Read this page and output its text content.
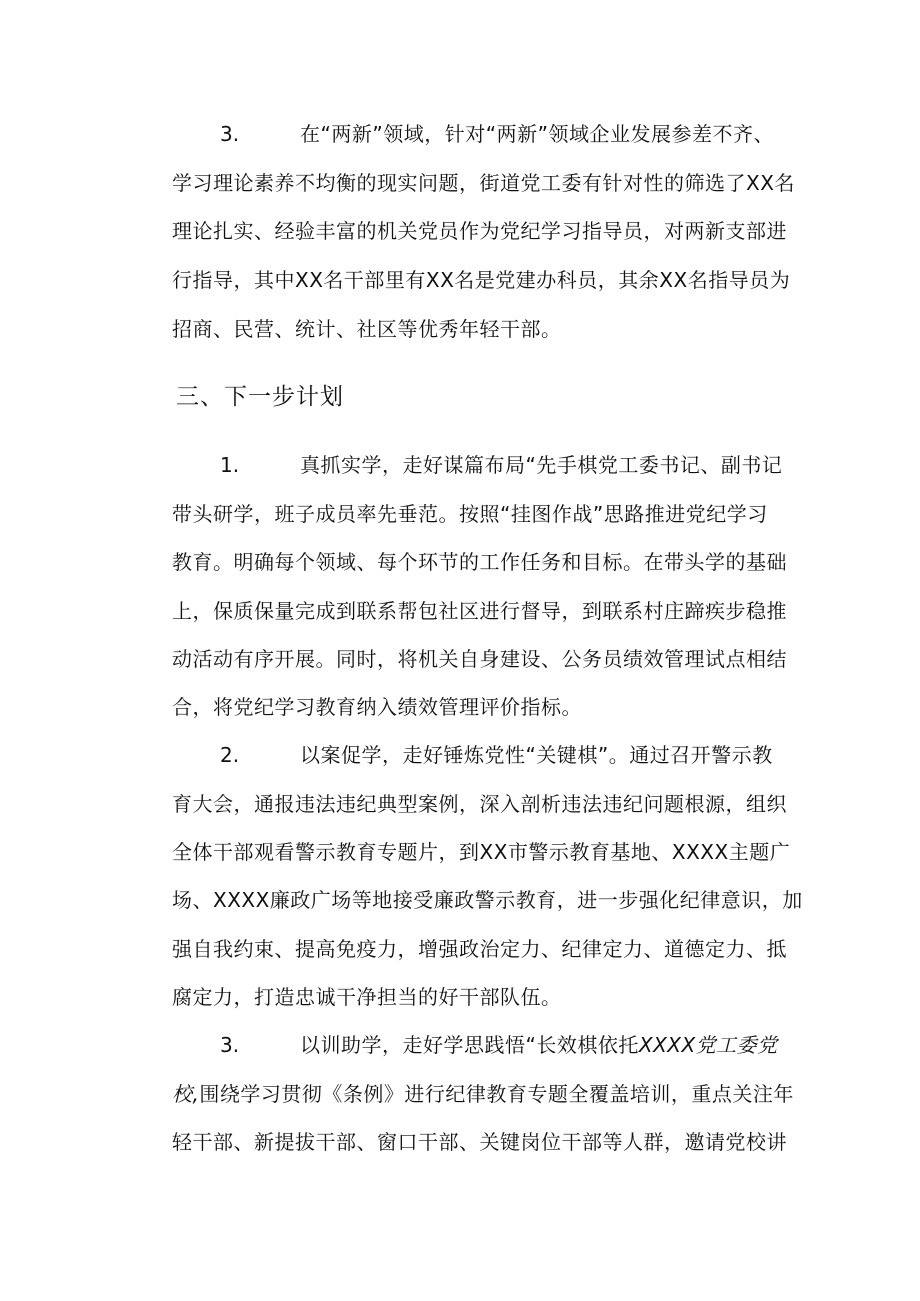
3.	在“两新”领域，针对“两新”领域企业发展参差不齐、
学习理论素养不均衡的现实问题，街道党工委有针对性的筛选了XX名
理论扎实、经验丰富的机关党员作为党纪学习指导员，对两新支部进
行指导，其中XX名干部里有XX名是党建办科员，其余XX名指导员为
招商、民营、统计、社区等优秀年轻干部。
三、下一步计划
1.	真抓实学，走好谋篇布局“先手棋党工委书记、副书记
带头研学，班子成员率先垂范。按照“挂图作战”思路推进党纪学习
教育。明确每个领域、每个环节的工作任务和目标。在带头学的基础
上，保质保量完成到联系帮包社区进行督导，到联系村庄蹄疾步稳推
动活动有序开展。同时，将机关自身建设、公务员绩效管理试点相结
合，将党纪学习教育纳入绩效管理评价指标。
2.	以案促学，走好锤炼党性“关键棋”。通过召开警示教
育大会，通报违法违纪典型案例，深入剖析违法违纪问题根源，组织
全体干部观看警示教育专题片，到XX市警示教育基地、XXXX主题广
场、XXXX廉政广场等地接受廉政警示教育，进一步强化纪律意识，加
强自我约束、提高免疫力，增强政治定力、纪律定力、道德定力、抵
腐定力，打造忠诚干净担当的好干部队伍。
3.	以训助学，走好学思践悟“长效棋依托XXXX党工委党
校,围绕学习贯彻《条例》进行纪律教育专题全覆盖培训，重点关注年
轻干部、新提拔干部、窗口干部、关键岗位干部等人群，邀请党校讲
